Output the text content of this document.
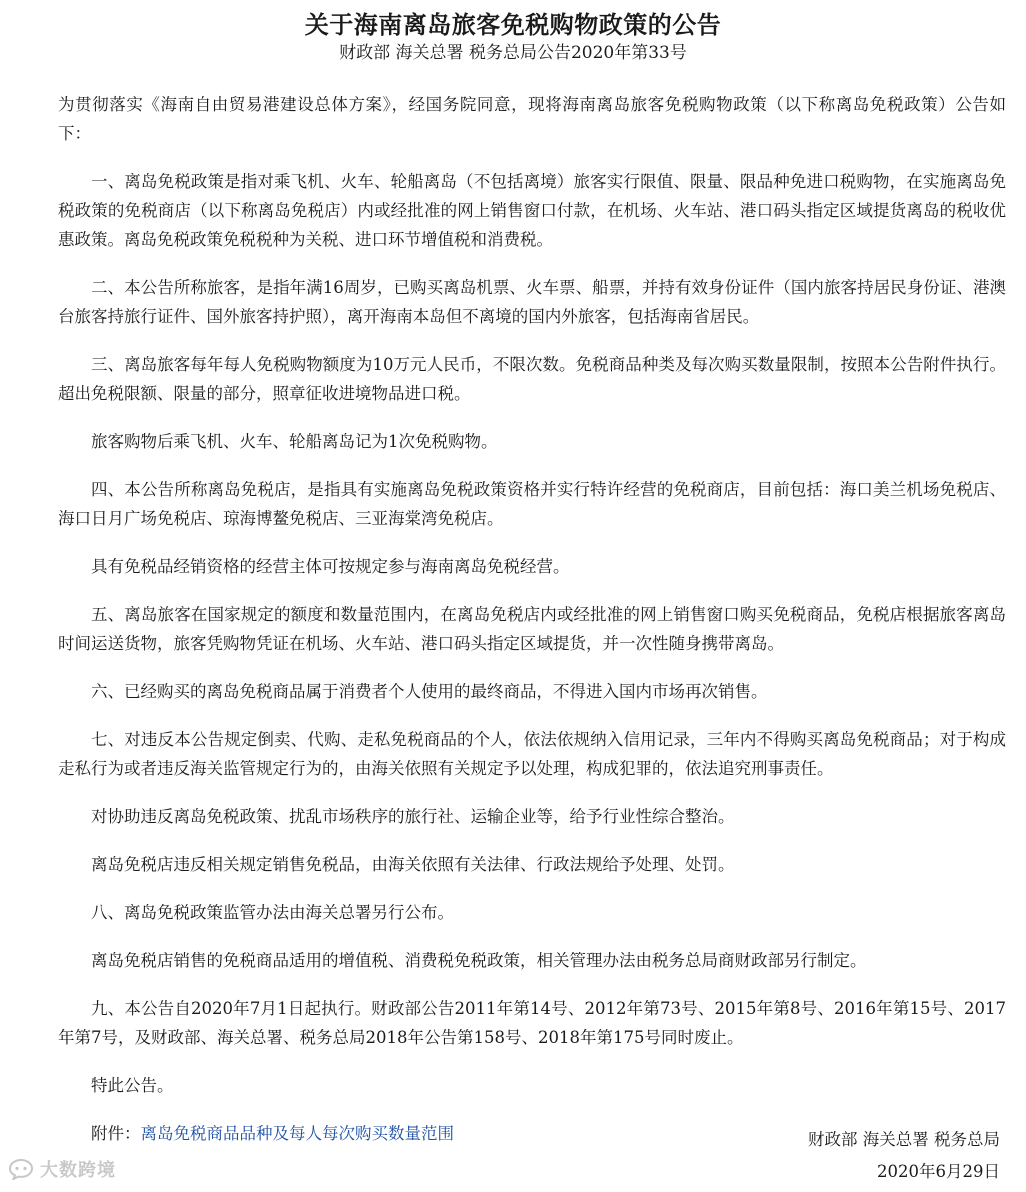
关于海南离岛旅客免税购物政策的公告
财政部 海关总署 税务总局公告2020年第33号

为贯彻落实《海南自由贸易港建设总体方案》，经国务院同意，现将海南离岛旅客免税购物政策（以下称离岛免税政策）公告如下：

一、离岛免税政策是指对乘飞机、火车、轮船离岛（不包括离境）旅客实行限值、限量、限品种免进口税购物，在实施离岛免税政策的免税商店（以下称离岛免税店）内或经批准的网上销售窗口付款，在机场、火车站、港口码头指定区域提货离岛的税收优惠政策。离岛免税政策免税税种为关税、进口环节增值税和消费税。

二、本公告所称旅客，是指年满16周岁，已购买离岛机票、火车票、船票，并持有效身份证件（国内旅客持居民身份证、港澳台旅客持旅行证件、国外旅客持护照），离开海南本岛但不离境的国内外旅客，包括海南省居民。

三、离岛旅客每年每人免税购物额度为10万元人民币，不限次数。免税商品种类及每次购买数量限制，按照本公告附件执行。超出免税限额、限量的部分，照章征收进境物品进口税。

旅客购物后乘飞机、火车、轮船离岛记为1次免税购物。

四、本公告所称离岛免税店，是指具有实施离岛免税政策资格并实行特许经营的免税商店，目前包括：海口美兰机场免税店、海口日月广场免税店、琼海博鳌免税店、三亚海棠湾免税店。

具有免税品经销资格的经营主体可按规定参与海南离岛免税经营。

五、离岛旅客在国家规定的额度和数量范围内，在离岛免税店内或经批准的网上销售窗口购买免税商品，免税店根据旅客离岛时间运送货物，旅客凭购物凭证在机场、火车站、港口码头指定区域提货，并一次性随身携带离岛。

六、已经购买的离岛免税商品属于消费者个人使用的最终商品，不得进入国内市场再次销售。

七、对违反本公告规定倒卖、代购、走私免税商品的个人，依法依规纳入信用记录，三年内不得购买离岛免税商品；对于构成走私行为或者违反海关监管规定行为的，由海关依照有关规定予以处理，构成犯罪的，依法追究刑事责任。

对协助违反离岛免税政策、扰乱市场秩序的旅行社、运输企业等，给予行业性综合整治。

离岛免税店违反相关规定销售免税品，由海关依照有关法律、行政法规给予处理、处罚。

八、离岛免税政策监管办法由海关总署另行公布。

离岛免税店销售的免税商品适用的增值税、消费税免税政策，相关管理办法由税务总局商财政部另行制定。

九、本公告自2020年7月1日起执行。财政部公告2011年第14号、2012年第73号、2015年第8号、2016年第15号、2017年第7号，及财政部、海关总署、税务总局2018年公告第158号、2018年第175号同时废止。

特此公告。

附件：离岛免税商品品种及每人每次购买数量范围	财政部 海关总署 税务总局
2020年6月29日
大数跨境
